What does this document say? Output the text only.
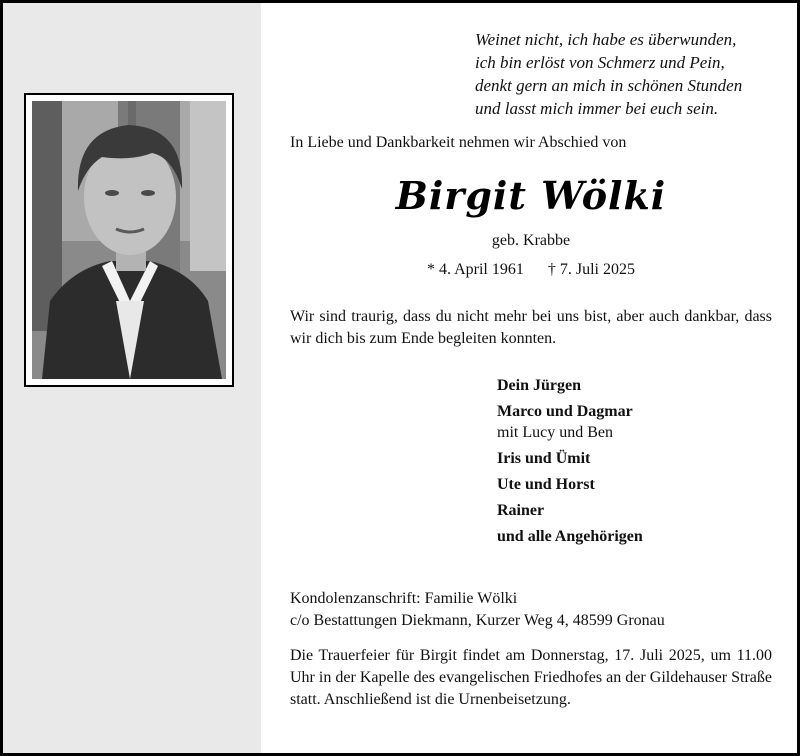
Weinet nicht, ich habe es überwunden,
ich bin erlöst von Schmerz und Pein,
denkt gern an mich in schönen Stunden
und lasst mich immer bei euch sein.
In Liebe und Dankbarkeit nehmen wir Abschied von
Birgit Wölki
geb. Krabbe
* 4. April 1961 † 7. Juli 2025
Wir sind traurig, dass du nicht mehr bei uns bist, aber auch dankbar, dass wir dich bis zum Ende begleiten konnten.
Dein Jürgen
Marco und Dagmar
mit Lucy und Ben
Iris und Ümit
Ute und Horst
Rainer
und alle Angehörigen
Kondolenzanschrift: Familie Wölki
c/o Bestattungen Diekmann, Kurzer Weg 4, 48599 Gronau
Die Trauerfeier für Birgit findet am Donnerstag, 17. Juli 2025, um 11.00 Uhr in der Kapelle des evangelischen Friedhofes an der Gildehauser Straße statt. Anschließend ist die Urnenbeisetzung.
